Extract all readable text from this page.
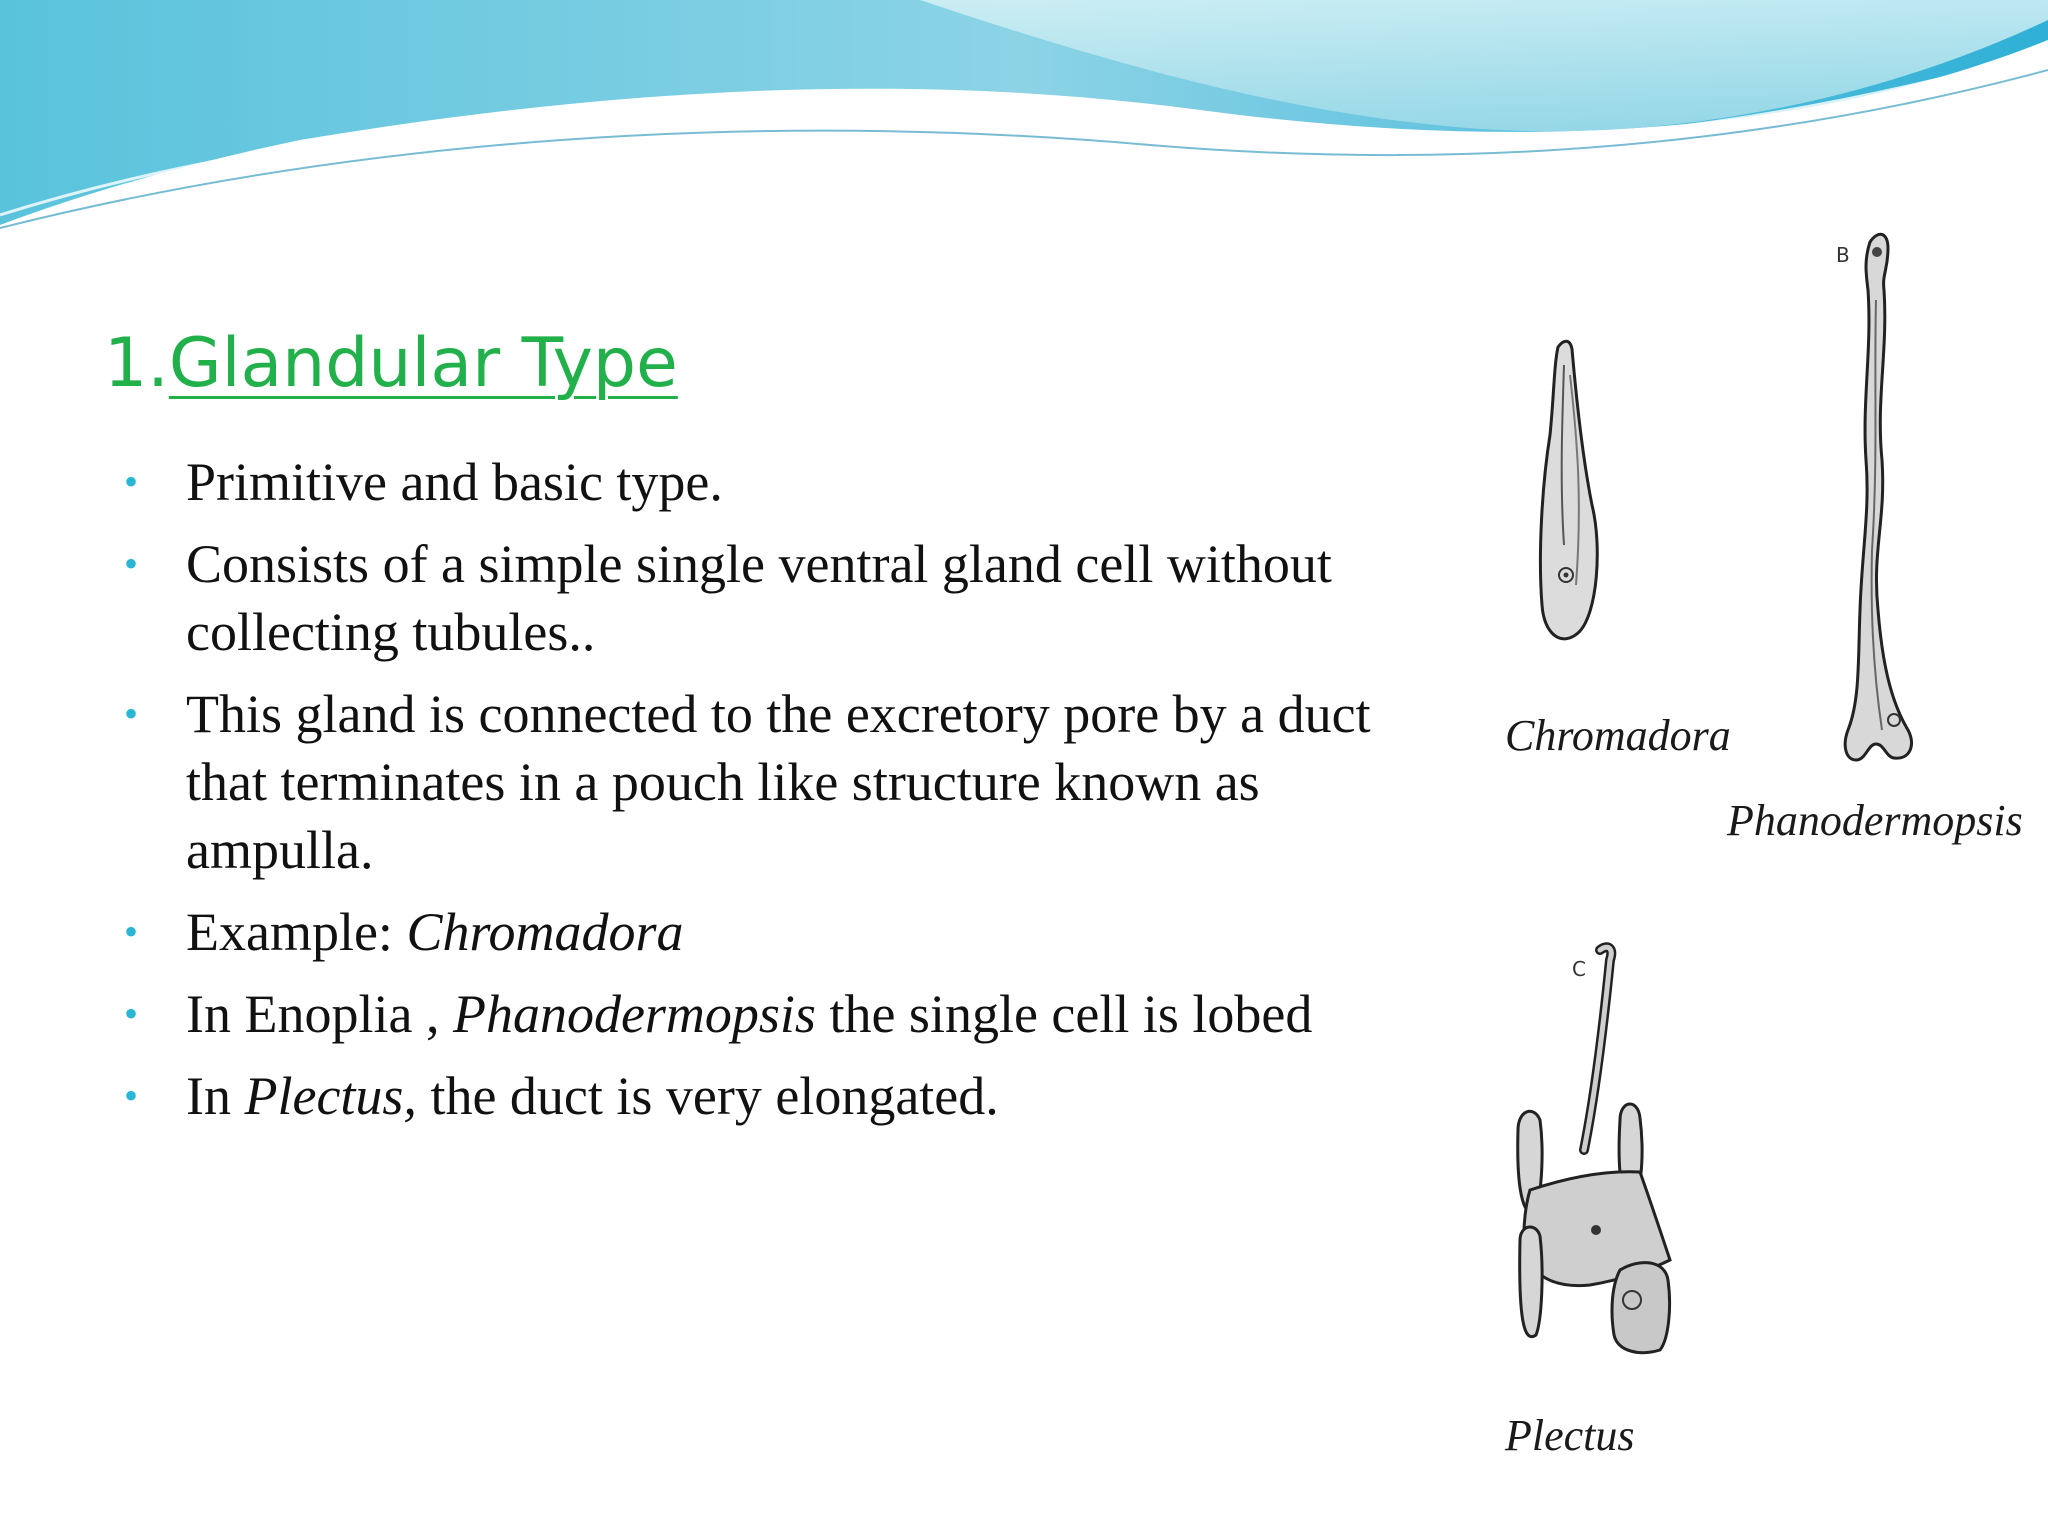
1.Glandular Type
• Primitive and basic type.
• Consists of a simple single ventral gland cell without collecting tubules..
• This gland is connected to the excretory pore by a duct that terminates in a pouch like structure known as ampulla.
• Example: Chromadora
• In Enoplia , Phanodermopsis the single cell is lobed
• In Plectus, the duct is very elongated.
Chromadora
B
Phanodermopsis
C
Plectus
